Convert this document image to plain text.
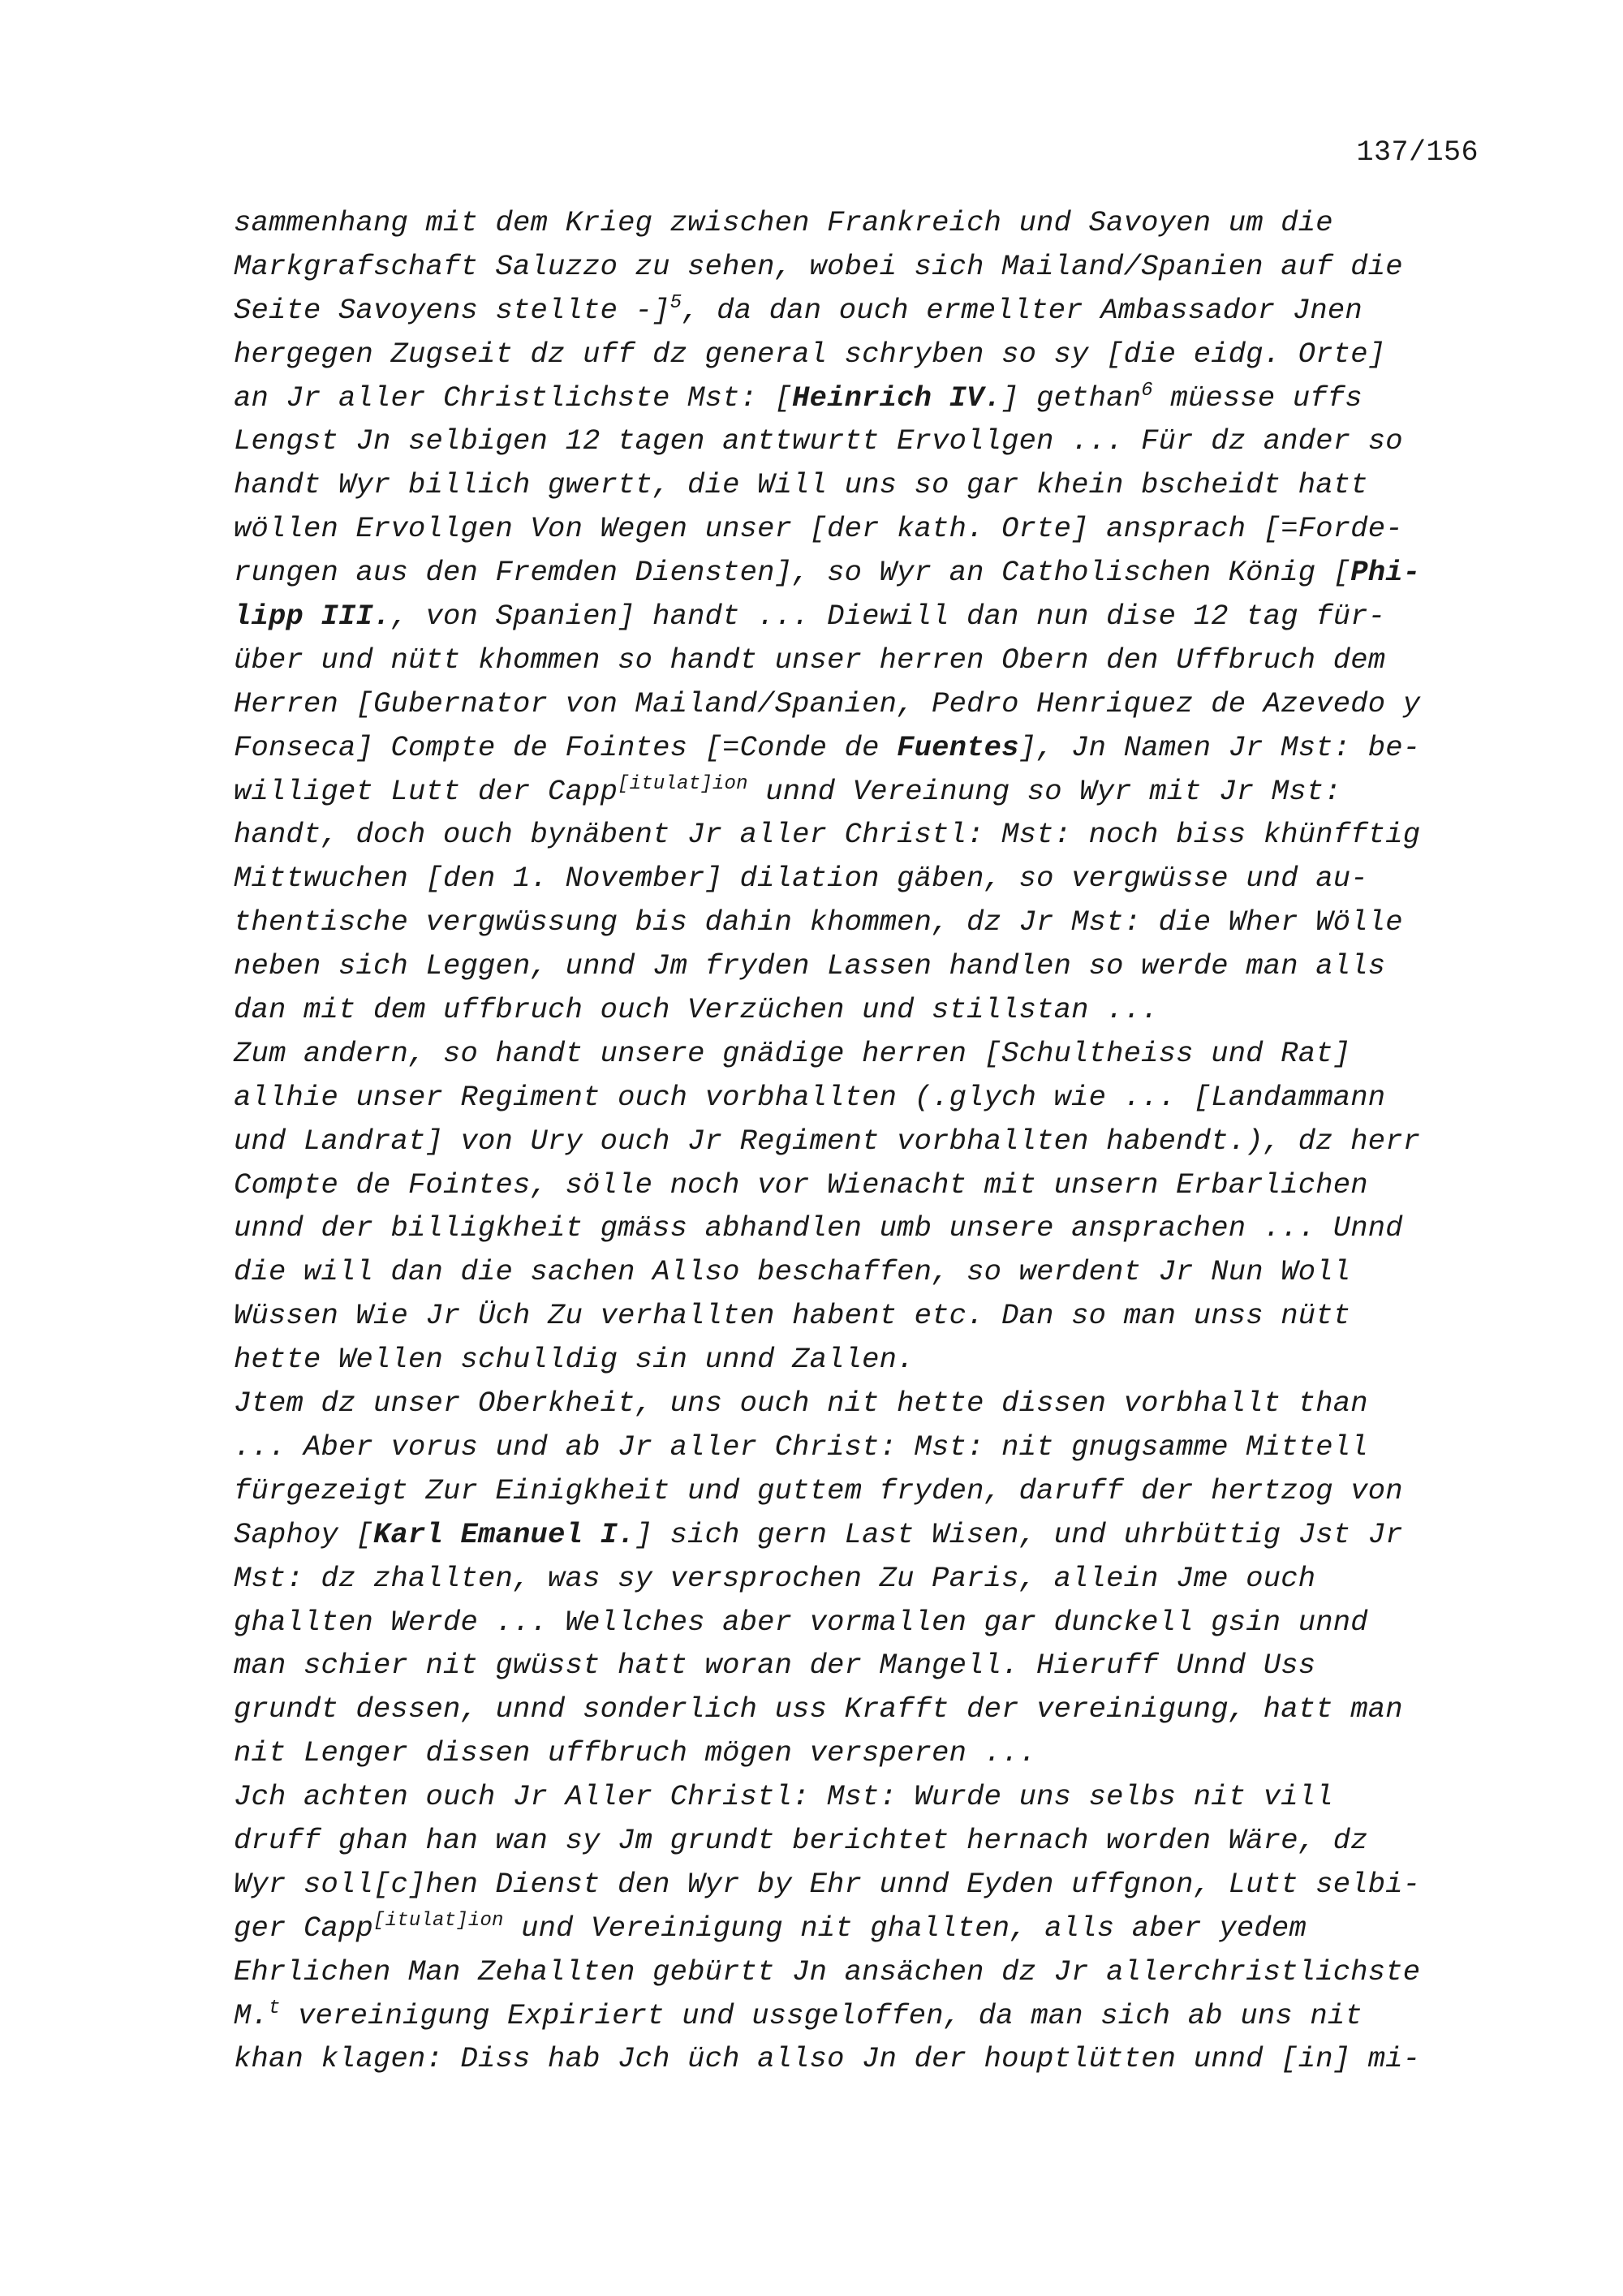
137/156
sammenhang mit dem Krieg zwischen Frankreich und Savoyen um die
Markgrafschaft Saluzzo zu sehen, wobei sich Mailand/Spanien auf die
Seite Savoyens stellte -]$^5$, da dan ouch ermellter Ambassador Jnen
hergegen Zugseit dz uff dz general schryben so sy [die eidg. Orte]
an Jr aller Christlichste Mst: [Heinrich IV.] gethan$^6$ müesse uffs
Lengst Jn selbigen 12 tagen anttwurtt Ervollgen ... Für dz ander so
handt Wyr billich gwertt, die Will uns so gar khein bscheidt hatt
wöllen Ervollgen Von Wegen unser [der kath. Orte] ansprach [=Forde-
rungen aus den Fremden Diensten], so Wyr an Catholischen König [Phi-
lipp III., von Spanien] handt ... Diewill dan nun dise 12 tag für-
über und nütt khommen so handt unser herren Obern den Uffbruch dem
Herren [Gubernator von Mailand/Spanien, Pedro Henriquez de Azevedo y
Fonseca] Compte de Fointes [=Conde de Fuentes], Jn Namen Jr Mst: be-
williget Lutt der Capp$^{[itulat]ion}$ unnd Vereinung so Wyr mit Jr Mst:
handt, doch ouch bynäbent Jr aller Christl: Mst: noch biss khünfftig
Mittwuchen [den 1. November] dilation gäben, so vergwüsse und au-
thentische vergwüssung bis dahin khommen, dz Jr Mst: die Wher Wölle
neben sich Leggen, unnd Jm fryden Lassen handlen so werde man alls
dan mit dem uffbruch ouch Verzüchen und stillstan ...
Zum andern, so handt unsere gnädige herren [Schultheiss und Rat]
allhie unser Regiment ouch vorbhallten (.glych wie ... [Landammann
und Landrat] von Ury ouch Jr Regiment vorbhallten habendt.), dz herr
Compte de Fointes, sölle noch vor Wienacht mit unsern Erbarlichen
unnd der billigkheit gmäss abhandlen umb unsere ansprachen ... Unnd
die will dan die sachen Allso beschaffen, so werdent Jr Nun Woll
Wüssen Wie Jr Üch Zu verhallten habent etc. Dan so man unss nütt
hette Wellen schulldig sin unnd Zallen.
Jtem dz unser Oberkheit, uns ouch nit hette dissen vorbhallt than
... Aber vorus und ab Jr aller Christ: Mst: nit gnugsamme Mittell
fürgezeigt Zur Einigkheit und guttem fryden, daruff der hertzog von
Saphoy [Karl Emanuel I.] sich gern Last Wisen, und uhrbüttig Jst Jr
Mst: dz zhallten, was sy versprochen Zu Paris, allein Jme ouch
ghallten Werde ... Wellches aber vormallen gar dunckell gsin unnd
man schier nit gwüsst hatt woran der Mangell. Hieruff Unnd Uss
grundt dessen, unnd sonderlich uss Krafft der vereinigung, hatt man
nit Lenger dissen uffbruch mögen versperen ...
Jch achten ouch Jr Aller Christl: Mst: Wurde uns selbs nit vill
druff ghan han wan sy Jm grundt berichtet hernach worden Wäre, dz
Wyr soll[c]hen Dienst den Wyr by Ehr unnd Eyden uffgnon, Lutt selbi-
ger Capp$^{[itulat]ion}$ und Vereinigung nit ghallten, alls aber yedem
Ehrlichen Man Zehallten gebürtt Jn ansächen dz Jr allerchristlichste
M.$^t$ vereinigung Expiriert und ussgeloffen, da man sich ab uns nit
khan klagen: Diss hab Jch üch allso Jn der houptlütten unnd [in] mi-
